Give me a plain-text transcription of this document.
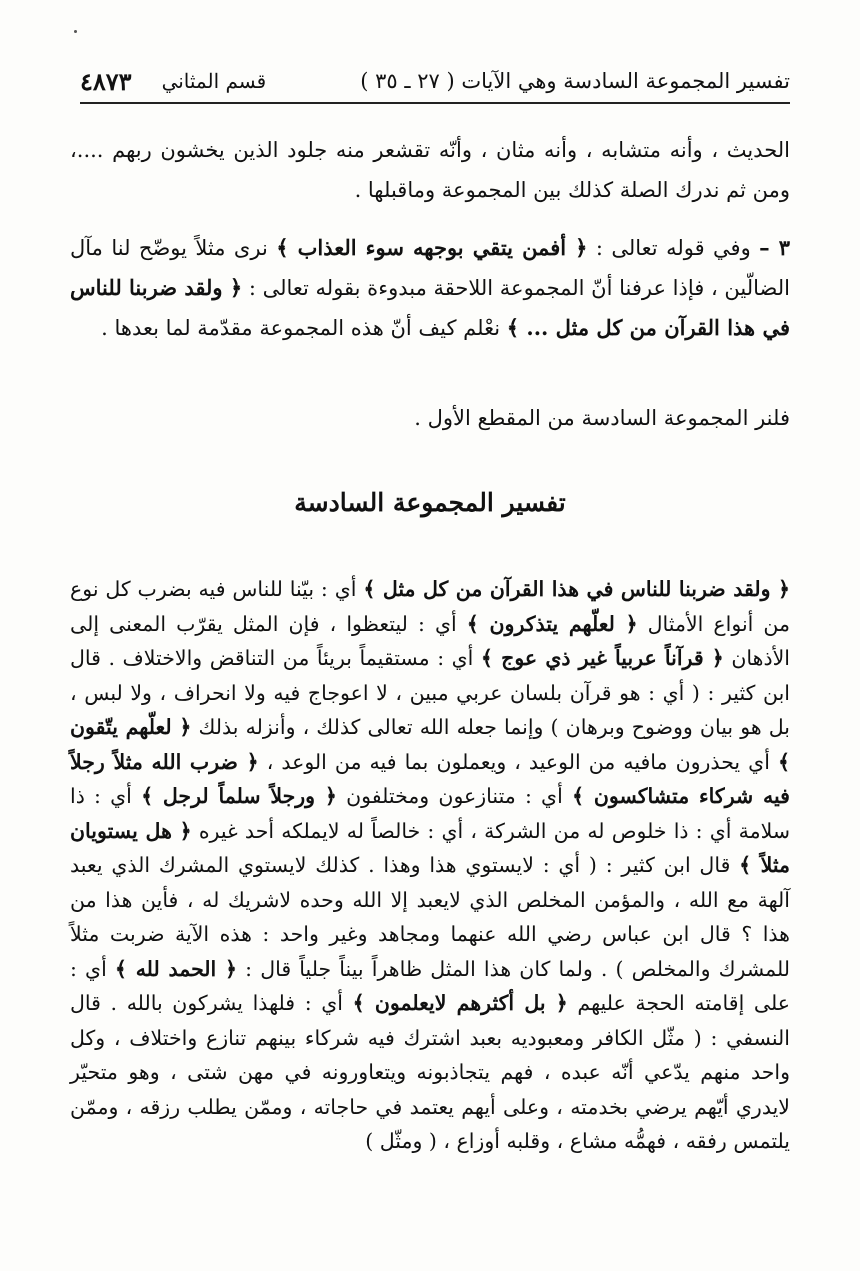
تفسير المجموعة السادسة وهي الآيات ( ٢٧ ـ ٣٥ )
قسم المثاني
٤٨٧٣

الحديث ، وأنه متشابه ، وأنه مثان ، وأنّه تقشعر منه جلود الذين يخشون ربهم ....، ومن ثم ندرك الصلة كذلك بين المجموعة وماقبلها .

٣ – وفي قوله تعالى : ﴿ أفمن يتقي بوجهه سوء العذاب ﴾ نرى مثلاً يوضّح لنا مآل الضالّين ، فإذا عرفنا أنّ المجموعة اللاحقة مبدوءة بقوله تعالى : ﴿ ولقد ضربنا للناس في هذا القرآن من كل مثل ... ﴾ نعْلم كيف أنّ هذه المجموعة مقدّمة لما بعدها .

فلنر المجموعة السادسة من المقطع الأول .

تفسير المجموعة السادسة

﴿ ولقد ضربنا للناس في هذا القرآن من كل مثل ﴾ أي : بيّنا للناس فيه بضرب كل نوع من أنواع الأمثال ﴿ لعلّهم يتذكرون ﴾ أي : ليتعظوا ، فإن المثل يقرّب المعنى إلى الأذهان ﴿ قرآناً عربياً غير ذي عوج ﴾ أي : مستقيماً بريئاً من التناقض والاختلاف . قال ابن كثير : ( أي : هو قرآن بلسان عربي مبين ، لا اعوجاج فيه ولا انحراف ، ولا لبس ، بل هو بيان ووضوح وبرهان ) وإنما جعله الله تعالى كذلك ، وأنزله بذلك ﴿ لعلّهم يتّقون ﴾ أي يحذرون مافيه من الوعيد ، ويعملون بما فيه من الوعد ، ﴿ ضرب الله مثلاً رجلاً فيه شركاء متشاكسون ﴾ أي : متنازعون ومختلفون ﴿ ورجلاً سلماً لرجل ﴾ أي : ذا سلامة أي : ذا خلوص له من الشركة ، أي : خالصاً له لايملكه أحد غيره ﴿ هل يستويان مثلاً ﴾ قال ابن كثير : ( أي : لايستوي هذا وهذا . كذلك لايستوي المشرك الذي يعبد آلهة مع الله ، والمؤمن المخلص الذي لايعبد إلا الله وحده لاشريك له ، فأين هذا من هذا ؟ قال ابن عباس رضي الله عنهما ومجاهد وغير واحد : هذه الآية ضربت مثلاً للمشرك والمخلص ) . ولما كان هذا المثل ظاهراً بيناً جلياً قال : ﴿ الحمد لله ﴾ أي : على إقامته الحجة عليهم ﴿ بل أكثرهم لايعلمون ﴾ أي : فلهذا يشركون بالله . قال النسفي : ( مثّل الكافر ومعبوديه بعبد اشترك فيه شركاء بينهم تنازع واختلاف ، وكل واحد منهم يدّعي أنّه عبده ، فهم يتجاذبونه ويتعاورونه في مهن شتى ، وهو متحيّر لايدري أيّهم يرضي بخدمته ، وعلى أيهم يعتمد في حاجاته ، وممّن يطلب رزقه ، وممّن يلتمس رفقه ، فهمُّه مشاع ، وقلبه أوزاع ، ( ومثّل )
